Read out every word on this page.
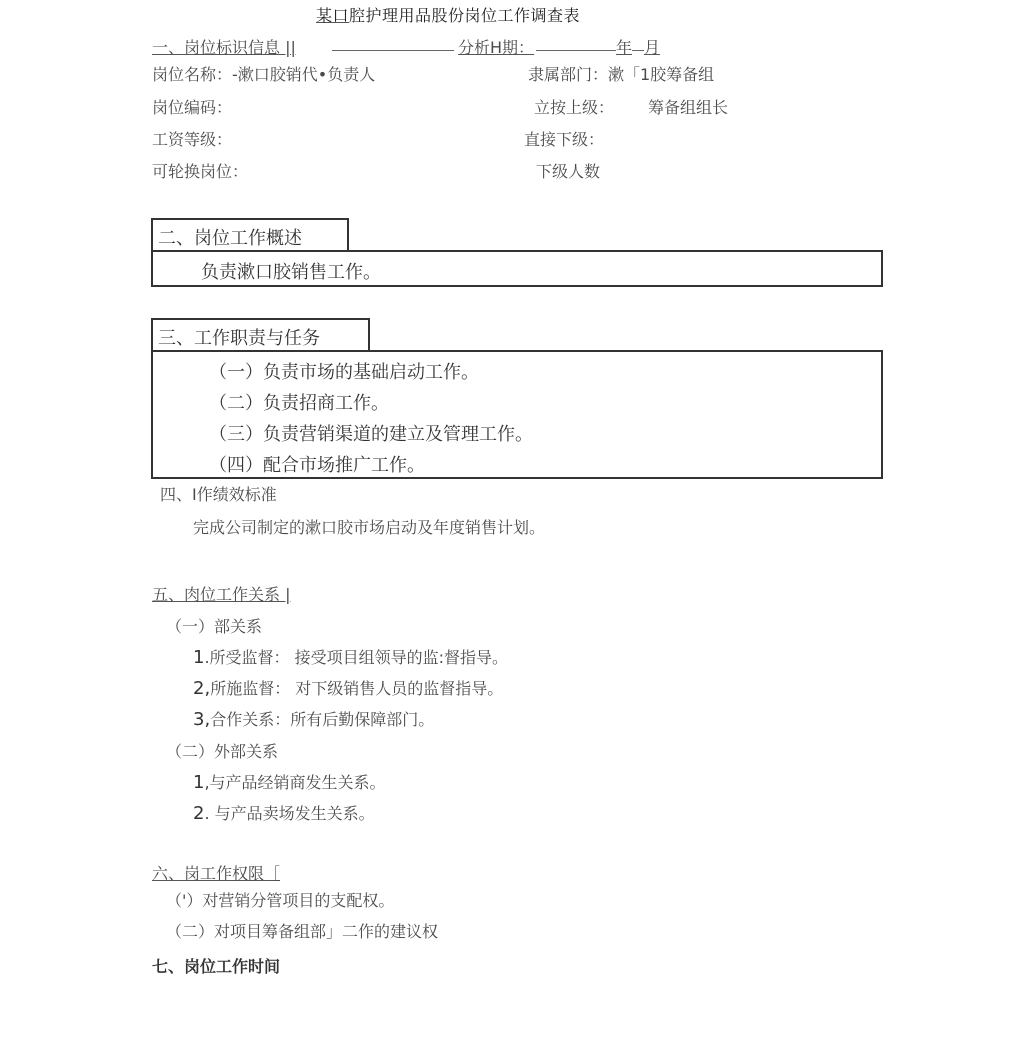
某口腔护理用品股份岗位工作调查表
一、岗位标识信息 ||	分析H期：	年 月
岗位名称：-漱口胶销代•负责人	隶属部门：漱「1胶筹备组
岗位编码：	立按上级： 筹备组组长
工资等级：	直接下级：
可轮换岗位：	下级人数
二、岗位工作概述
负责漱口胶销售工作。
三、工作职责与任务
（一）负责市场的基础启动工作。
（二）负责招商工作。
（三）负责营销渠道的建立及管理工作。
（四）配合市场推广工作。
四、I作绩效标准
完成公司制定的漱口胶市场启动及年度销售计划。
五、肉位工作关系 |
（一）部关系
1.所受监督： 接受项目组领导的监:督指导。
2,所施监督： 对下级销售人员的监督指导。
3,合作关系：所有后勤保障部门。
（二）外部关系
1,与产品经销商发生关系。
2. 与产品卖场发生关系。
六、岗工作权限［
（'）对营销分管项目的支配权。
（二）对项目筹备组部」二作的建议权
七、岗位工作时间
